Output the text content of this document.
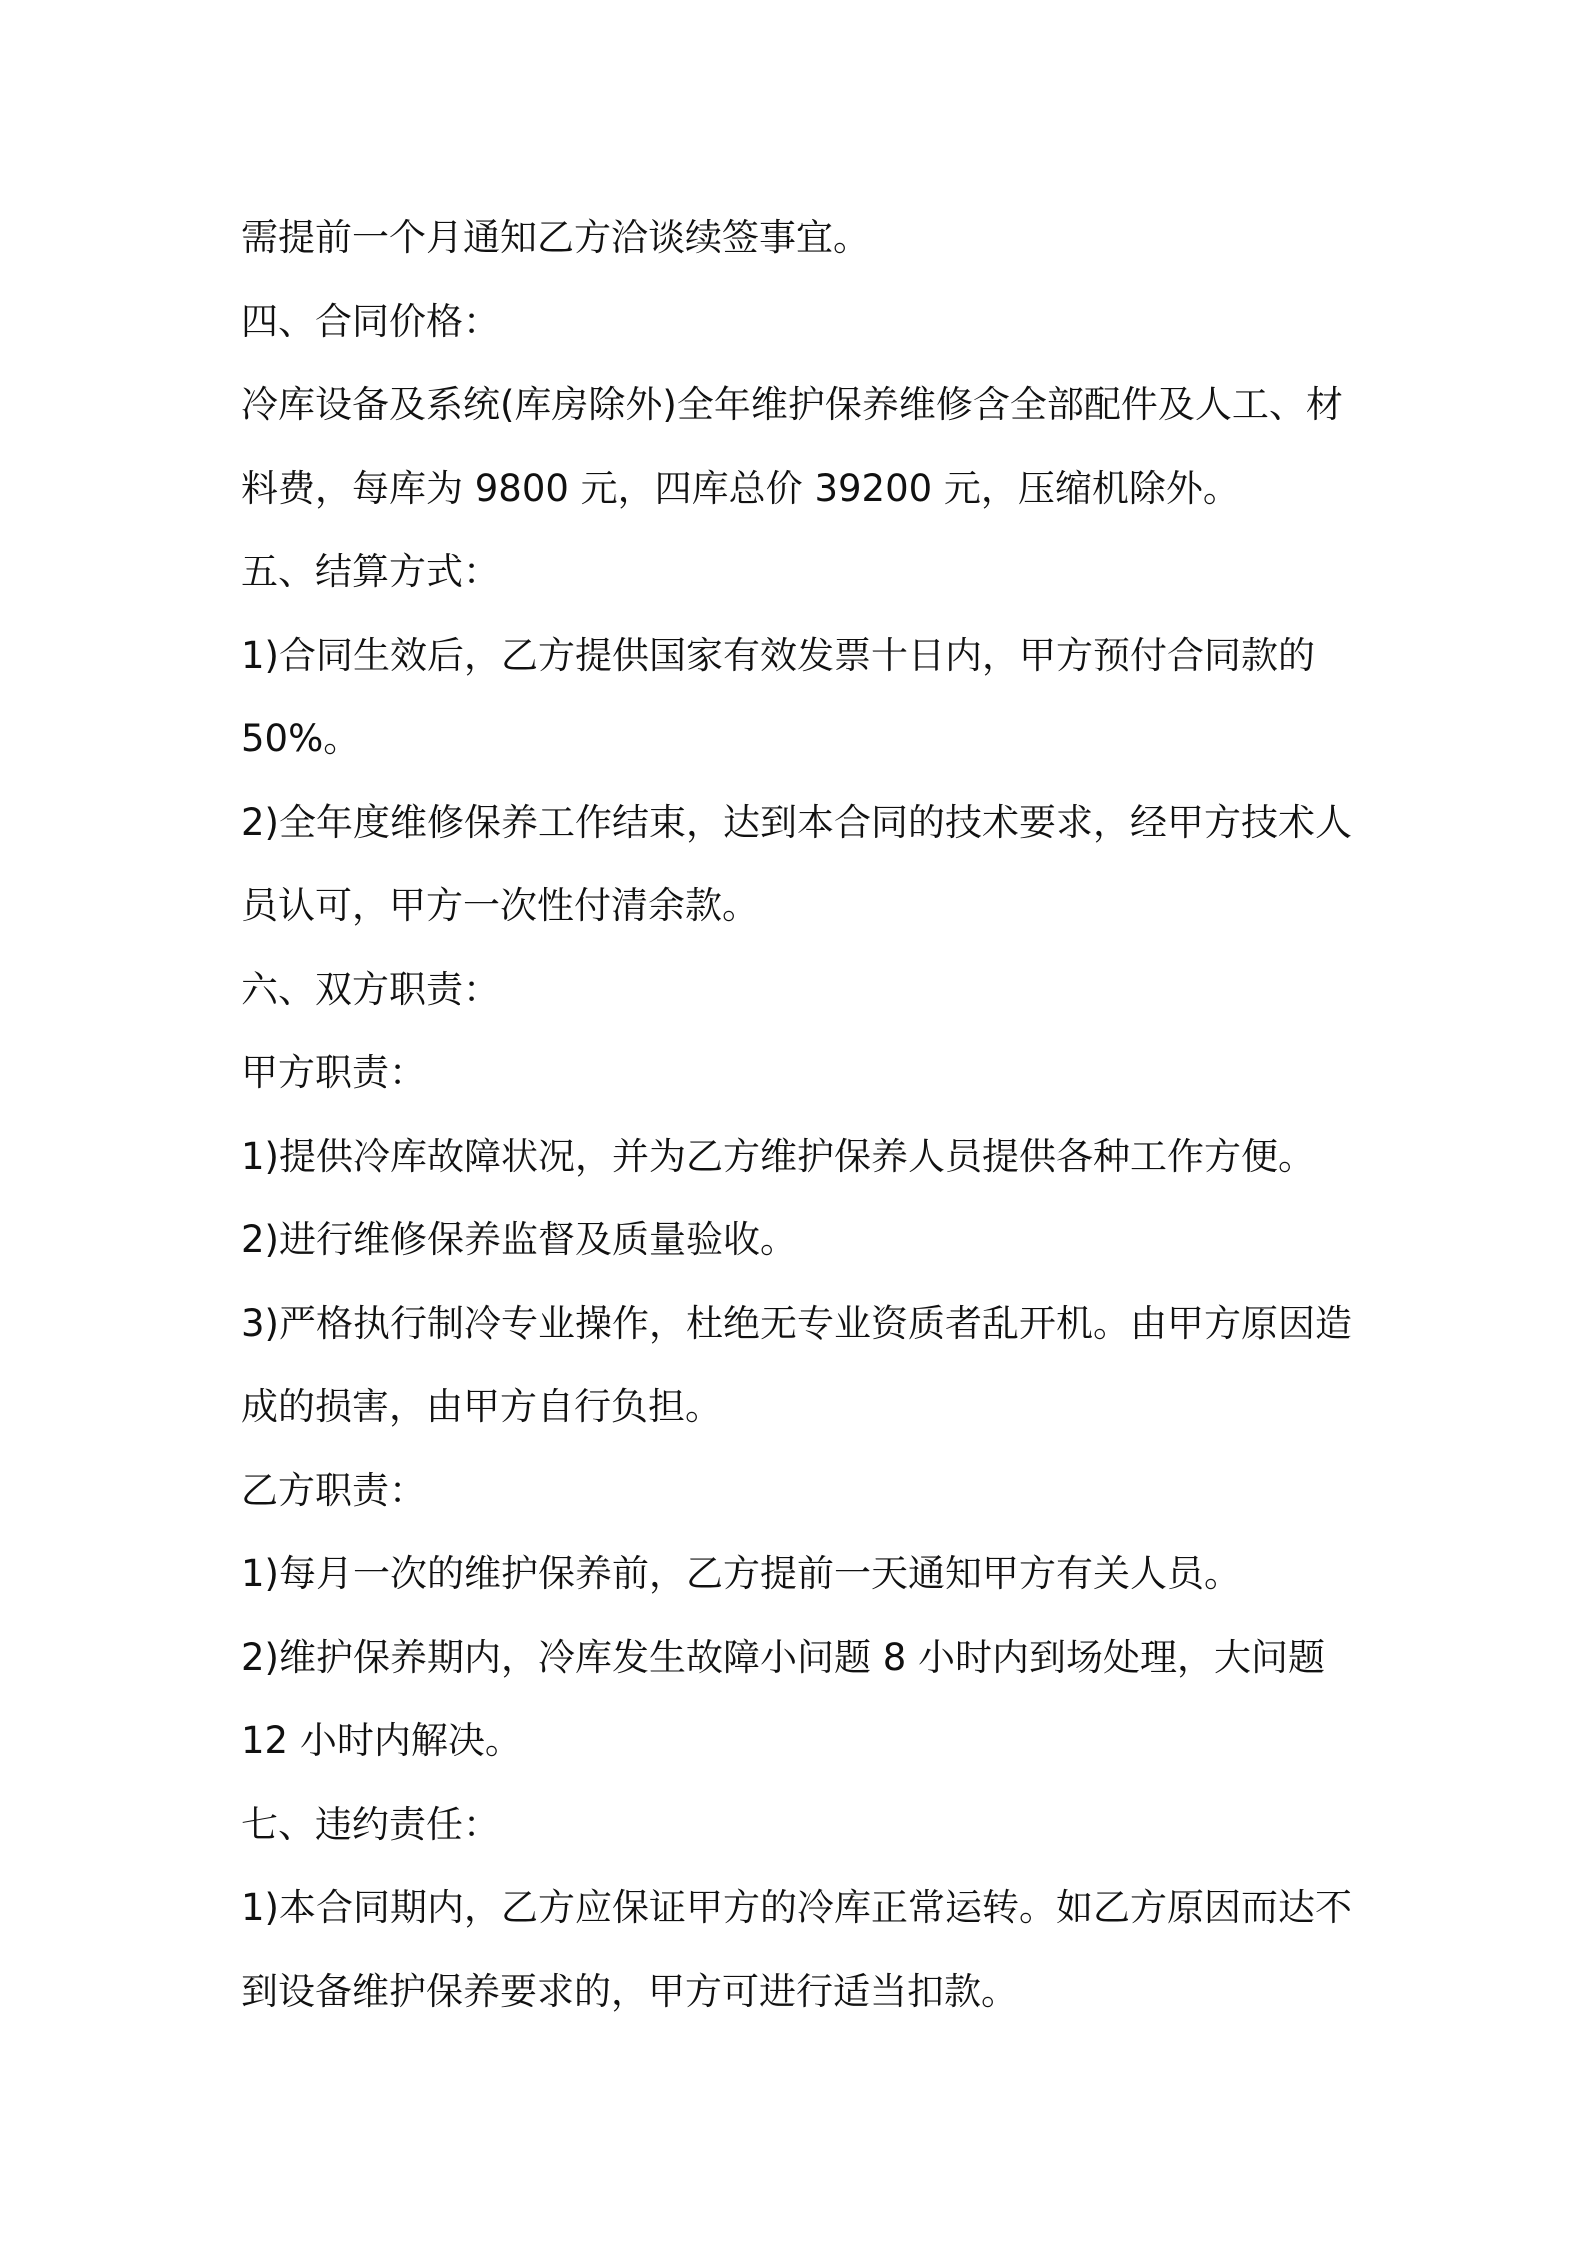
需提前一个月通知乙方洽谈续签事宜。
四、合同价格：
冷库设备及系统(库房除外)全年维护保养维修含全部配件及人工、材
料费，每库为 9800 元，四库总价 39200 元，压缩机除外。
五、结算方式：
1)合同生效后，乙方提供国家有效发票十日内，甲方预付合同款的
50%。
2)全年度维修保养工作结束，达到本合同的技术要求，经甲方技术人
员认可，甲方一次性付清余款。
六、双方职责：
甲方职责：
1)提供冷库故障状况，并为乙方维护保养人员提供各种工作方便。
2)进行维修保养监督及质量验收。
3)严格执行制冷专业操作，杜绝无专业资质者乱开机。由甲方原因造
成的损害，由甲方自行负担。
乙方职责：
1)每月一次的维护保养前，乙方提前一天通知甲方有关人员。
2)维护保养期内，冷库发生故障小问题 8 小时内到场处理，大问题
12 小时内解决。
七、违约责任：
1)本合同期内，乙方应保证甲方的冷库正常运转。如乙方原因而达不
到设备维护保养要求的，甲方可进行适当扣款。
